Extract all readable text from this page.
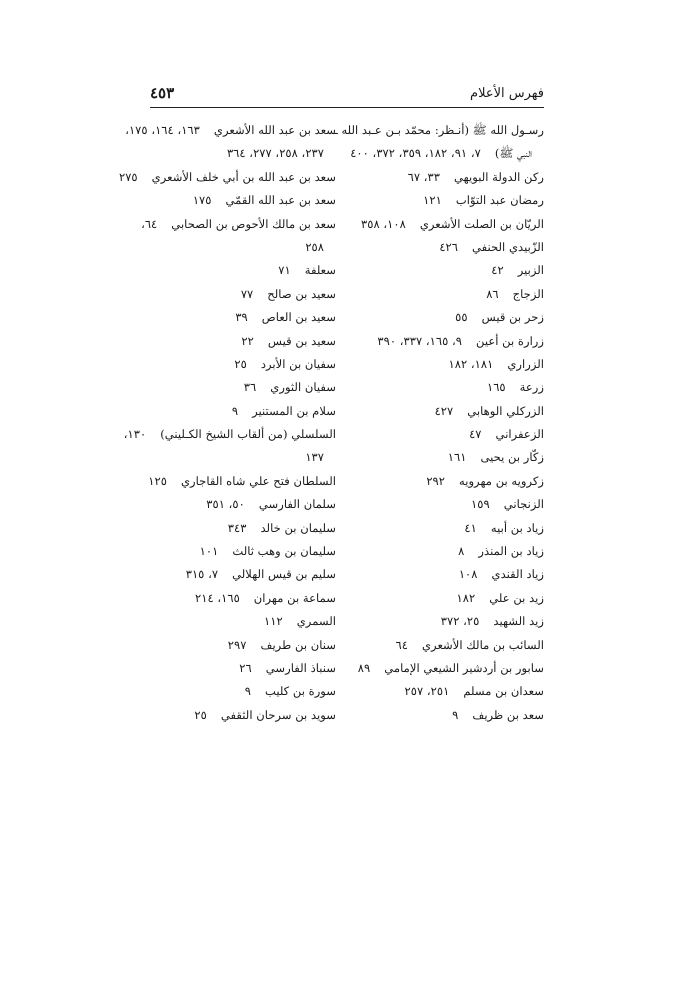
فهرس الأعلام
٤٥٣
رسـول الله ﷺ (أنـظر: محمّد بـن عـبد الله ـ
النبي ﷺ)٧، ٩١، ١٨٢، ٣٥٩، ٣٧٢، ٤٠٠
ركن الدولة البويهي٣٣، ٦٧
رمضان عبد التوّاب١٢١
الريّان بن الصلت الأشعري١٠٨، ٣٥٨
الزّبيدي الحنفي٤٢٦
الزبير٤٢
الزجاج٨٦
زحر بن قيس٥٥
زرارة بن أعين٩، ١٦٥، ٣٣٧، ٣٩٠
الزراري١٨١، ١٨٢
زرعة١٦٥
الزركلي الوهابي٤٢٧
الزعفراني٤٧
زكّار بن يحيى١٦١
زكرويه بن مهرويه٢٩٢
الزنجاني١٥٩
زياد بن أبيه٤١
زياد بن المنذر٨
زياد القندي١٠٨
زيد بن علي١٨٢
زيد الشهيد٢٥، ٣٧٢
السائب بن مالك الأشعري٦٤
سابور بن أردشير الشيعي الإمامي٨٩
سعدان بن مسلم٢٥١، ٢٥٧
سعد بن ظريف٩
سعد بن عبد الله الأشعري١٦٣، ١٦٤، ١٧٥،
٢٣٧، ٢٥٨، ٢٧٧، ٣٦٤
سعد بن عبد الله بن أبي خلف الأشعري٢٧٥
سعد بن عبد الله القمّي١٧٥
سعد بن مالك الأحوص بن الصحابي٦٤،
٢٥٨
سعلفة٧١
سعيد بن صالح٧٧
سعيد بن العاص٣٩
سعيد بن قيس٢٢
سفيان بن الأبرد٢٥
سفيان الثوري٣٦
سلام بن المستنير٩
السلسلي (من ألقاب الشيخ الكـليني)١٣٠،
١٣٧
السلطان فتح علي شاه القاجاري١٢٥
سلمان الفارسي٥٠، ٣٥١
سليمان بن خالد٣٤٣
سليمان بن وهب ثالث١٠١
سليم بن قيس الهلالي٧، ٣١٥
سماعة بن مهران١٦٥، ٢١٤
السمري١١٢
سنان بن طريف٢٩٧
سنباذ الفارسي٢٦
سورة بن كليب٩
سويد بن سرحان الثقفي٢٥
